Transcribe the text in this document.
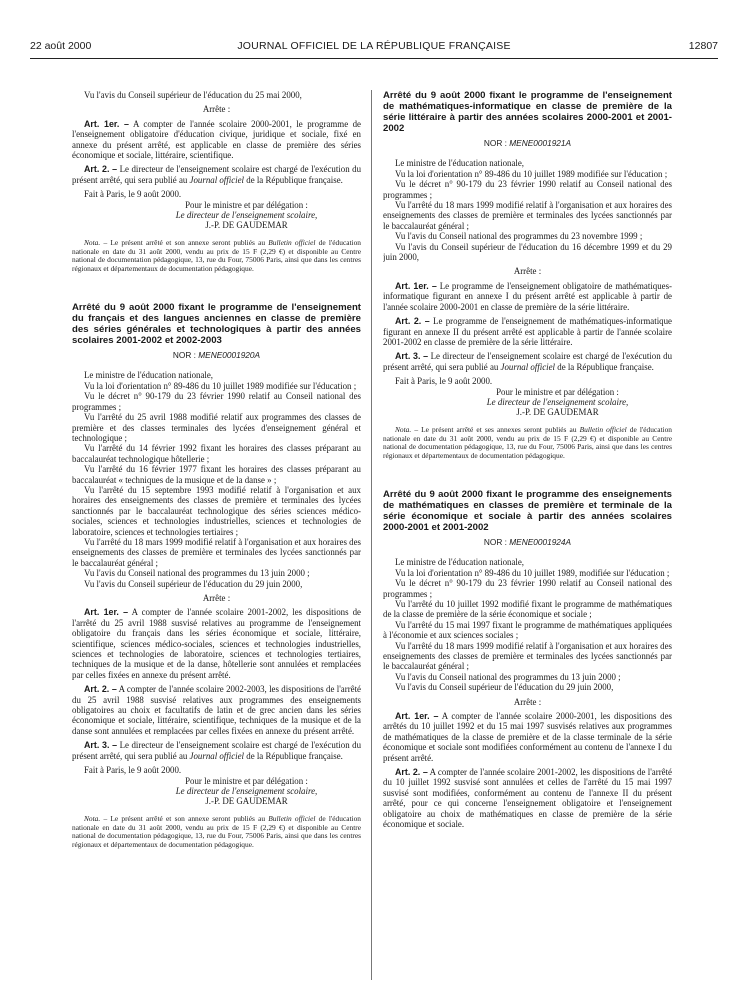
22 août 2000	JOURNAL OFFICIEL DE LA RÉPUBLIQUE FRANÇAISE	12807

Vu l'avis du Conseil supérieur de l'éducation du 25 mai 2000,

Arrête :

Art. 1er. – A compter de l'année scolaire 2000-2001, le programme de l'enseignement obligatoire d'éducation civique, juridique et sociale, fixé en annexe du présent arrêté, est applicable en classe de première des séries économique et sociale, littéraire, scientifique.

Art. 2. – Le directeur de l'enseignement scolaire est chargé de l'exécution du présent arrêté, qui sera publié au Journal officiel de la République française.

Fait à Paris, le 9 août 2000.

Pour le ministre et par délégation :

Le directeur de l'enseignement scolaire,

J.-P. DE GAUDEMAR

Nota. – Le présent arrêté et son annexe seront publiés au Bulletin officiel de l'éducation nationale en date du 31 août 2000, vendu au prix de 15 F (2,29 €) et disponible au Centre national de documentation pédagogique, 13, rue du Four, 75006 Paris, ainsi que dans les centres régionaux et départementaux de documentation pédagogique.

Arrêté du 9 août 2000 fixant le programme de l'enseignement du français et des langues anciennes en classe de première des séries générales et technologiques à partir des années scolaires 2001-2002 et 2002-2003

NOR : MENE0001920A

Le ministre de l'éducation nationale,

Vu la loi d'orientation n° 89-486 du 10 juillet 1989 modifiée sur l'éducation ;

Vu le décret n° 90-179 du 23 février 1990 relatif au Conseil national des programmes ;

Vu l'arrêté du 25 avril 1988 modifié relatif aux programmes des classes de première et des classes terminales des lycées d'enseignement général et technologique ;

Vu l'arrêté du 14 février 1992 fixant les horaires des classes préparant au baccalauréat technologique hôtellerie ;

Vu l'arrêté du 16 février 1977 fixant les horaires des classes préparant au baccalauréat « techniques de la musique et de la danse » ;

Vu l'arrêté du 15 septembre 1993 modifié relatif à l'organisation et aux horaires des enseignements des classes de première et terminales des lycées sanctionnés par le baccalauréat technologique des séries sciences médico-sociales, sciences et technologies industrielles, sciences et technologies de laboratoire, sciences et technologies tertiaires ;

Vu l'arrêté du 18 mars 1999 modifié relatif à l'organisation et aux horaires des enseignements des classes de première et terminales des lycées sanctionnés par le baccalauréat général ;

Vu l'avis du Conseil national des programmes du 13 juin 2000 ;

Vu l'avis du Conseil supérieur de l'éducation du 29 juin 2000,

Arrête :

Art. 1er. – A compter de l'année scolaire 2001-2002, les dispositions de l'arrêté du 25 avril 1988 susvisé relatives au programme de l'enseignement obligatoire du français dans les séries économique et sociale, littéraire, scientifique, sciences médico-sociales, sciences et technologies industrielles, sciences et technologies de laboratoire, sciences et technologies tertiaires, techniques de la musique et de la danse, hôtellerie sont annulées et remplacées par celles fixées en annexe du présent arrêté.

Art. 2. – A compter de l'année scolaire 2002-2003, les dispositions de l'arrêté du 25 avril 1988 susvisé relatives aux programmes des enseignements obligatoires au choix et facultatifs de latin et de grec ancien dans les séries économique et sociale, littéraire, scientifique, techniques de la musique et de la danse sont annulées et remplacées par celles fixées en annexe du présent arrêté.

Art. 3. – Le directeur de l'enseignement scolaire est chargé de l'exécution du présent arrêté, qui sera publié au Journal officiel de la République française.

Fait à Paris, le 9 août 2000.

Pour le ministre et par délégation :

Le directeur de l'enseignement scolaire,

J.-P. DE GAUDEMAR

Nota. – Le présent arrêté et son annexe seront publiés au Bulletin officiel de l'éducation nationale en date du 31 août 2000, vendu au prix de 15 F (2,29 €) et disponible au Centre national de documentation pédagogique, 13, rue du Four, 75006 Paris, ainsi que dans les centres régionaux et départementaux de documentation pédagogique.

Arrêté du 9 août 2000 fixant le programme de l'enseignement de mathématiques-informatique en classe de première de la série littéraire à partir des années scolaires 2000-2001 et 2001-2002

NOR : MENE0001921A

Le ministre de l'éducation nationale,

Vu la loi d'orientation n° 89-486 du 10 juillet 1989 modifiée sur l'éducation ;

Vu le décret n° 90-179 du 23 février 1990 relatif au Conseil national des programmes ;

Vu l'arrêté du 18 mars 1999 modifié relatif à l'organisation et aux horaires des enseignements des classes de première et terminales des lycées sanctionnés par le baccalauréat général ;

Vu l'avis du Conseil national des programmes du 23 novembre 1999 ;

Vu l'avis du Conseil supérieur de l'éducation du 16 décembre 1999 et du 29 juin 2000,

Arrête :

Art. 1er. – Le programme de l'enseignement obligatoire de mathématiques-informatique figurant en annexe I du présent arrêté est applicable à partir de l'année scolaire 2000-2001 en classe de première de la série littéraire.

Art. 2. – Le programme de l'enseignement de mathématiques-informatique figurant en annexe II du présent arrêté est applicable à partir de l'année scolaire 2001-2002 en classe de première de la série littéraire.

Art. 3. – Le directeur de l'enseignement scolaire est chargé de l'exécution du présent arrêté, qui sera publié au Journal officiel de la République française.

Fait à Paris, le 9 août 2000.

Pour le ministre et par délégation :

Le directeur de l'enseignement scolaire,

J.-P. DE GAUDEMAR

Nota. – Le présent arrêté et ses annexes seront publiés au Bulletin officiel de l'éducation nationale en date du 31 août 2000, vendu au prix de 15 F (2,29 €) et disponible au Centre national de documentation pédagogique, 13, rue du Four, 75006 Paris, ainsi que dans les centres régionaux et départementaux de documentation pédagogique.

Arrêté du 9 août 2000 fixant le programme des enseignements de mathématiques en classes de première et terminale de la série économique et sociale à partir des années scolaires 2000-2001 et 2001-2002

NOR : MENE0001924A

Le ministre de l'éducation nationale,

Vu la loi d'orientation n° 89-486 du 10 juillet 1989, modifiée sur l'éducation ;

Vu le décret n° 90-179 du 23 février 1990 relatif au Conseil national des programmes ;

Vu l'arrêté du 10 juillet 1992 modifié fixant le programme de mathématiques de la classe de première de la série économique et sociale ;

Vu l'arrêté du 15 mai 1997 fixant le programme de mathématiques appliquées à l'économie et aux sciences sociales ;

Vu l'arrêté du 18 mars 1999 modifié relatif à l'organisation et aux horaires des enseignements des classes de première et terminales des lycées sanctionnés par le baccalauréat général ;

Vu l'avis du Conseil national des programmes du 13 juin 2000 ;

Vu l'avis du Conseil supérieur de l'éducation du 29 juin 2000,

Arrête :

Art. 1er. – A compter de l'année scolaire 2000-2001, les dispositions des arrêtés du 10 juillet 1992 et du 15 mai 1997 susvisés relatives aux programmes de mathématiques de la classe de première et de la classe terminale de la série économique et sociale sont modifiées conformément au contenu de l'annexe I du présent arrêté.

Art. 2. – A compter de l'année scolaire 2001-2002, les dispositions de l'arrêté du 10 juillet 1992 susvisé sont annulées et celles de l'arrêté du 15 mai 1997 susvisé sont modifiées, conformément au contenu de l'annexe II du présent arrêté, pour ce qui concerne l'enseignement obligatoire et l'enseignement obligatoire au choix de mathématiques en classe de première de la série économique et sociale.
